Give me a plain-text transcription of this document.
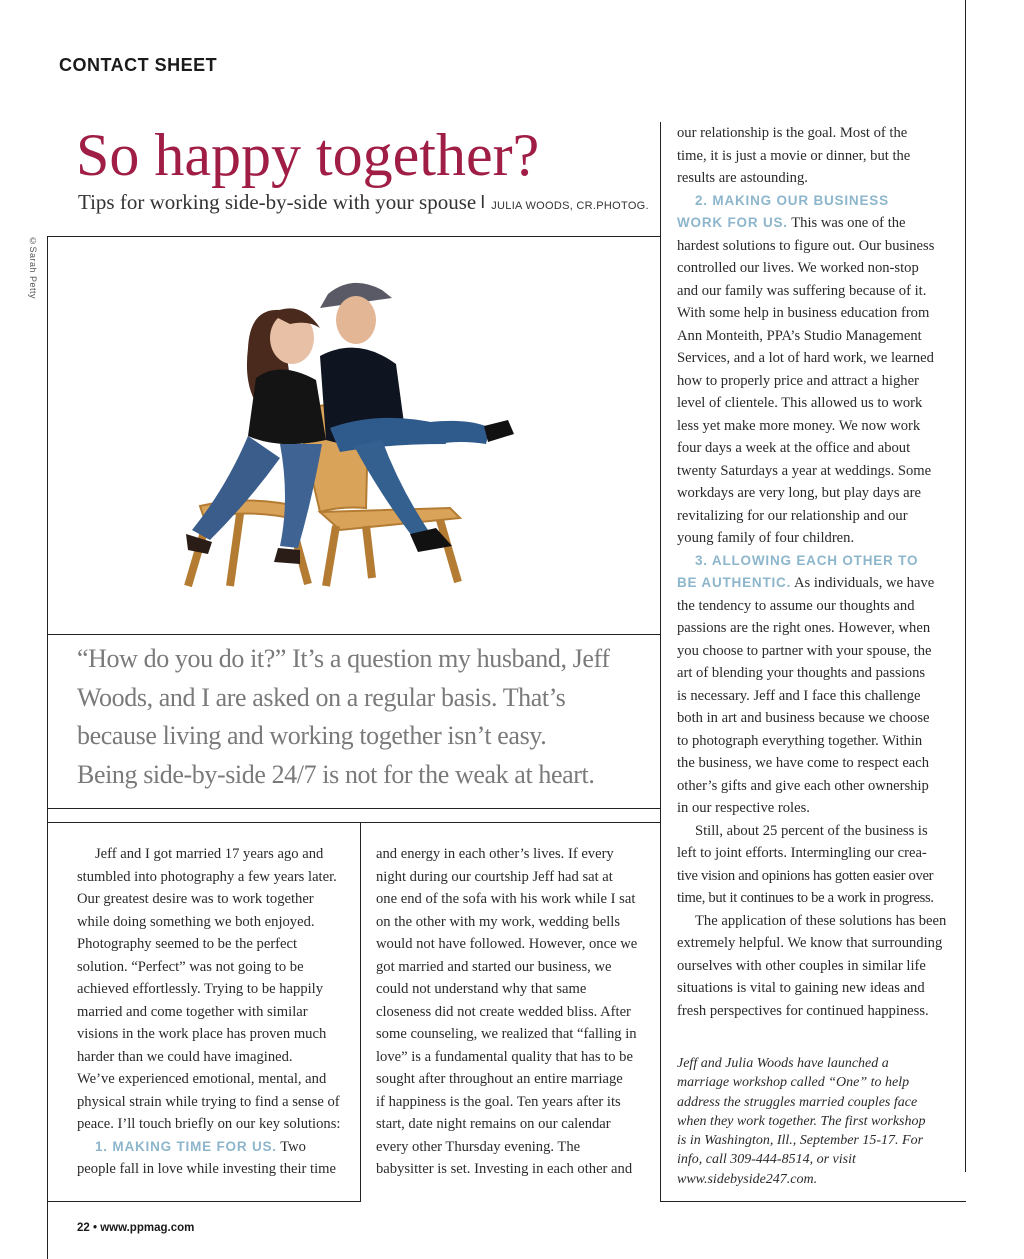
CONTACT SHEET
So happy together?
Tips for working side-by-side with your spouse I JULIA WOODS, CR.PHOTOG.
©Sarah Petty
“How do you do it?” It’s a question my husband, Jeff
Woods, and I are asked on a regular basis. That’s
because living and working together isn’t easy.
Being side-by-side 24/7 is not for the weak at heart.
Jeff and I got married 17 years ago and
stumbled into photography a few years later.
Our greatest desire was to work together
while doing something we both enjoyed.
Photography seemed to be the perfect
solution. “Perfect” was not going to be
achieved effortlessly. Trying to be happily
married and come together with similar
visions in the work place has proven much
harder than we could have imagined.
We’ve experienced emotional, mental, and
physical strain while trying to find a sense of
peace. I’ll touch briefly on our key solutions:
1. MAKING TIME FOR US. Two
people fall in love while investing their time
and energy in each other’s lives. If every
night during our courtship Jeff had sat at
one end of the sofa with his work while I sat
on the other with my work, wedding bells
would not have followed. However, once we
got married and started our business, we
could not understand why that same
closeness did not create wedded bliss. After
some counseling, we realized that “falling in
love” is a fundamental quality that has to be
sought after throughout an entire marriage
if happiness is the goal. Ten years after its
start, date night remains on our calendar
every other Thursday evening. The
babysitter is set. Investing in each other and
our relationship is the goal. Most of the
time, it is just a movie or dinner, but the
results are astounding.
2. MAKING OUR BUSINESS
WORK FOR US. This was one of the
hardest solutions to figure out. Our business
controlled our lives. We worked non-stop
and our family was suffering because of it.
With some help in business education from
Ann Monteith, PPA’s Studio Management
Services, and a lot of hard work, we learned
how to properly price and attract a higher
level of clientele. This allowed us to work
less yet make more money. We now work
four days a week at the office and about
twenty Saturdays a year at weddings. Some
workdays are very long, but play days are
revitalizing for our relationship and our
young family of four children.
3. ALLOWING EACH OTHER TO
BE AUTHENTIC. As individuals, we have
the tendency to assume our thoughts and
passions are the right ones. However, when
you choose to partner with your spouse, the
art of blending your thoughts and passions
is necessary. Jeff and I face this challenge
both in art and business because we choose
to photograph everything together. Within
the business, we have come to respect each
other’s gifts and give each other ownership
in our respective roles.
Still, about 25 percent of the business is
left to joint efforts. Intermingling our crea-
tive vision and opinions has gotten easier over
time, but it continues to be a work in progress.
The application of these solutions has been
extremely helpful. We know that surrounding
ourselves with other couples in similar life
situations is vital to gaining new ideas and
fresh perspectives for continued happiness.
Jeff and Julia Woods have launched a
marriage workshop called “One” to help
address the struggles married couples face
when they work together. The first workshop
is in Washington, Ill., September 15-17. For
info, call 309-444-8514, or visit
www.sidebyside247.com.
22 • www.ppmag.com
